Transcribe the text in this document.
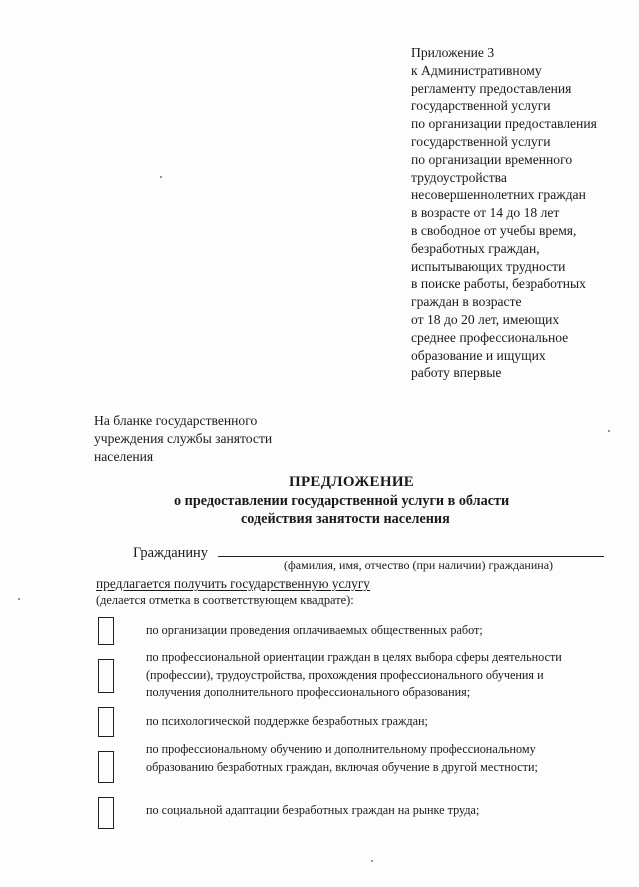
Приложение 3
к Административному
регламенту предоставления
государственной услуги
по организации предоставления
государственной услуги
по организации временного
трудоустройства
несовершеннолетних граждан
в возрасте от 14 до 18 лет
в свободное от учебы время,
безработных граждан,
испытывающих трудности
в поиске работы, безработных
граждан в возрасте
от 18 до 20 лет, имеющих
среднее профессиональное
образование и ищущих
работу впервые
На бланке государственного
учреждения службы занятости
населения
ПРЕДЛОЖЕНИЕ
о предоставлении государственной услуги в области
содействия занятости населения
Гражданину
(фамилия, имя, отчество (при наличии) гражданина)
предлагается получить государственную услугу
(делается отметка в соответствующем квадрате):
по организации проведения оплачиваемых общественных работ;
по профессиональной ориентации граждан в целях выбора сферы деятельности
(профессии), трудоустройства, прохождения профессионального обучения и
получения дополнительного профессионального образования;
по психологической поддержке безработных граждан;
по профессиональному обучению и дополнительному профессиональному
образованию безработных граждан, включая обучение в другой местности;
по социальной адаптации безработных граждан на рынке труда;
